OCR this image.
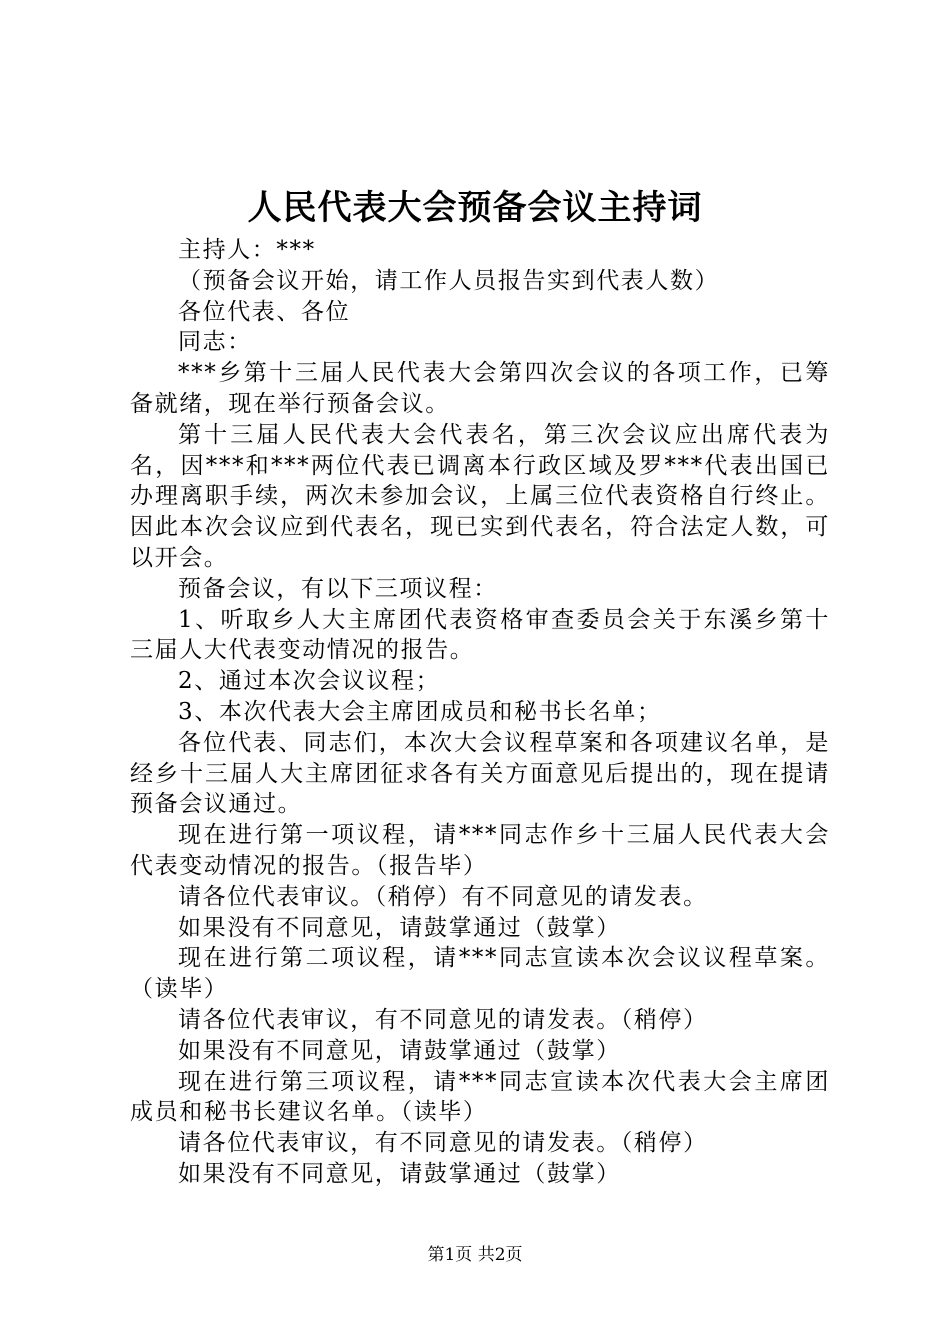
人民代表大会预备会议主持词

主持人：***

（预备会议开始，请工作人员报告实到代表人数）

各位代表、各位

同志：

***乡第十三届人民代表大会第四次会议的各项工作，已筹备就绪，现在举行预备会议。

第十三届人民代表大会代表名，第三次会议应出席代表为名，因***和***两位代表已调离本行政区域及罗***代表出国已办理离职手续，两次未参加会议，上属三位代表资格自行终止。因此本次会议应到代表名，现已实到代表名，符合法定人数，可以开会。

预备会议，有以下三项议程：

1、听取乡人大主席团代表资格审查委员会关于东溪乡第十三届人大代表变动情况的报告。

2、通过本次会议议程；

3、本次代表大会主席团成员和秘书长名单；

各位代表、同志们，本次大会议程草案和各项建议名单，是经乡十三届人大主席团征求各有关方面意见后提出的，现在提请预备会议通过。

现在进行第一项议程，请***同志作乡十三届人民代表大会代表变动情况的报告。（报告毕）

请各位代表审议。（稍停）有不同意见的请发表。

如果没有不同意见，请鼓掌通过（鼓掌）

现在进行第二项议程，请***同志宣读本次会议议程草案。（读毕）

请各位代表审议，有不同意见的请发表。（稍停）

如果没有不同意见，请鼓掌通过（鼓掌）

现在进行第三项议程，请***同志宣读本次代表大会主席团成员和秘书长建议名单。（读毕）

请各位代表审议，有不同意见的请发表。（稍停）

如果没有不同意见，请鼓掌通过（鼓掌）

第1页 共2页
